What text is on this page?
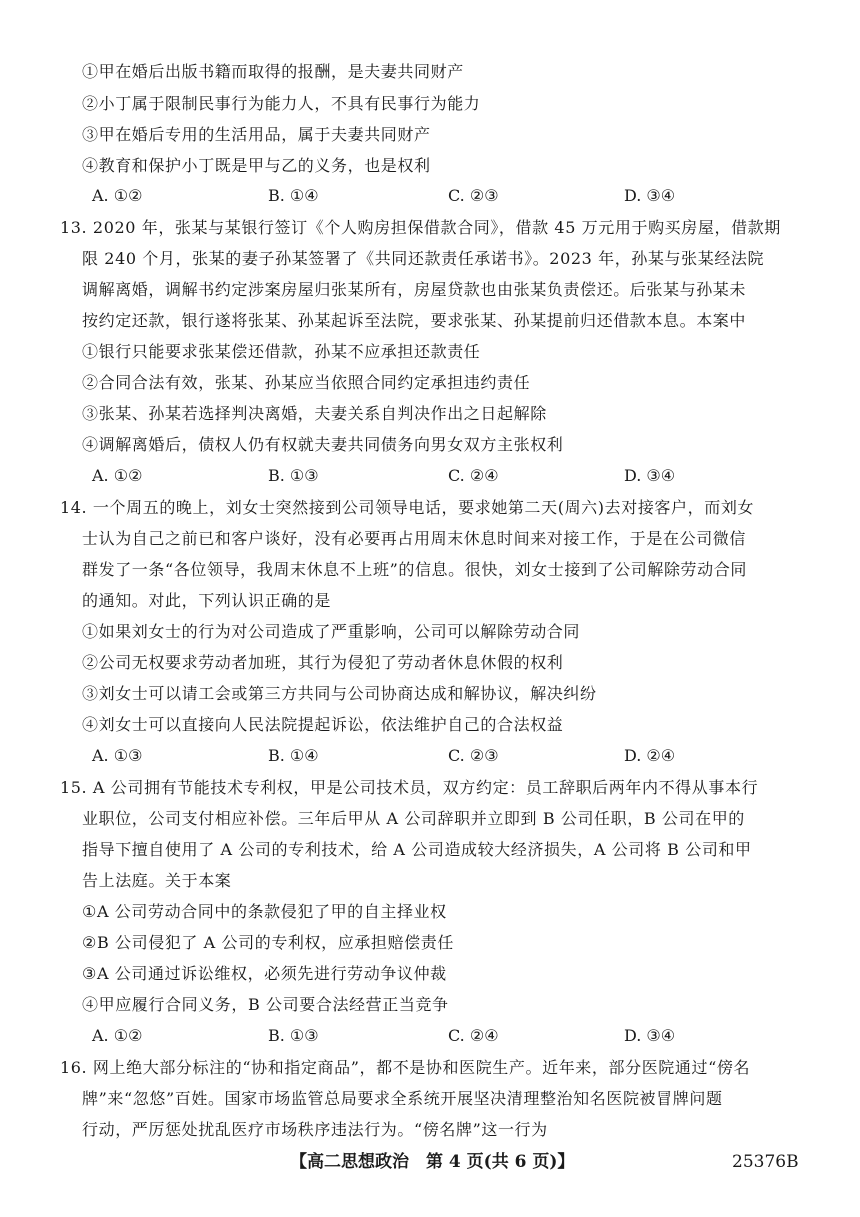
①甲在婚后出版书籍而取得的报酬，是夫妻共同财产
②小丁属于限制民事行为能力人，不具有民事行为能力
③甲在婚后专用的生活用品，属于夫妻共同财产
④教育和保护小丁既是甲与乙的义务，也是权利
A. ①②	B. ①④	C. ②③	D. ③④
13. 2020 年，张某与某银行签订《个人购房担保借款合同》，借款 45 万元用于购买房屋，借款期
限 240 个月，张某的妻子孙某签署了《共同还款责任承诺书》。2023 年，孙某与张某经法院
调解离婚，调解书约定涉案房屋归张某所有，房屋贷款也由张某负责偿还。后张某与孙某未
按约定还款，银行遂将张某、孙某起诉至法院，要求张某、孙某提前归还借款本息。本案中
①银行只能要求张某偿还借款，孙某不应承担还款责任
②合同合法有效，张某、孙某应当依照合同约定承担违约责任
③张某、孙某若选择判决离婚，夫妻关系自判决作出之日起解除
④调解离婚后，债权人仍有权就夫妻共同债务向男女双方主张权利
A. ①②	B. ①③	C. ②④	D. ③④
14. 一个周五的晚上，刘女士突然接到公司领导电话，要求她第二天(周六)去对接客户，而刘女
士认为自己之前已和客户谈好，没有必要再占用周末休息时间来对接工作，于是在公司微信
群发了一条“各位领导，我周末休息不上班”的信息。很快，刘女士接到了公司解除劳动合同
的通知。对此，下列认识正确的是
①如果刘女士的行为对公司造成了严重影响，公司可以解除劳动合同
②公司无权要求劳动者加班，其行为侵犯了劳动者休息休假的权利
③刘女士可以请工会或第三方共同与公司协商达成和解协议，解决纠纷
④刘女士可以直接向人民法院提起诉讼，依法维护自己的合法权益
A. ①③	B. ①④	C. ②③	D. ②④
15. A 公司拥有节能技术专利权，甲是公司技术员，双方约定：员工辞职后两年内不得从事本行
业职位，公司支付相应补偿。三年后甲从 A 公司辞职并立即到 B 公司任职，B 公司在甲的
指导下擅自使用了 A 公司的专利技术，给 A 公司造成较大经济损失，A 公司将 B 公司和甲
告上法庭。关于本案
①A 公司劳动合同中的条款侵犯了甲的自主择业权
②B 公司侵犯了 A 公司的专利权，应承担赔偿责任
③A 公司通过诉讼维权，必须先进行劳动争议仲裁
④甲应履行合同义务，B 公司要合法经营正当竞争
A. ①②	B. ①③	C. ②④	D. ③④
16. 网上绝大部分标注的“协和指定商品”，都不是协和医院生产。近年来，部分医院通过“傍名
牌”来“忽悠”百姓。国家市场监管总局要求全系统开展坚决清理整治知名医院被冒牌问题
行动，严厉惩处扰乱医疗市场秩序违法行为。“傍名牌”这一行为
【高二思想政治　第 4 页(共 6 页)】	25376B
